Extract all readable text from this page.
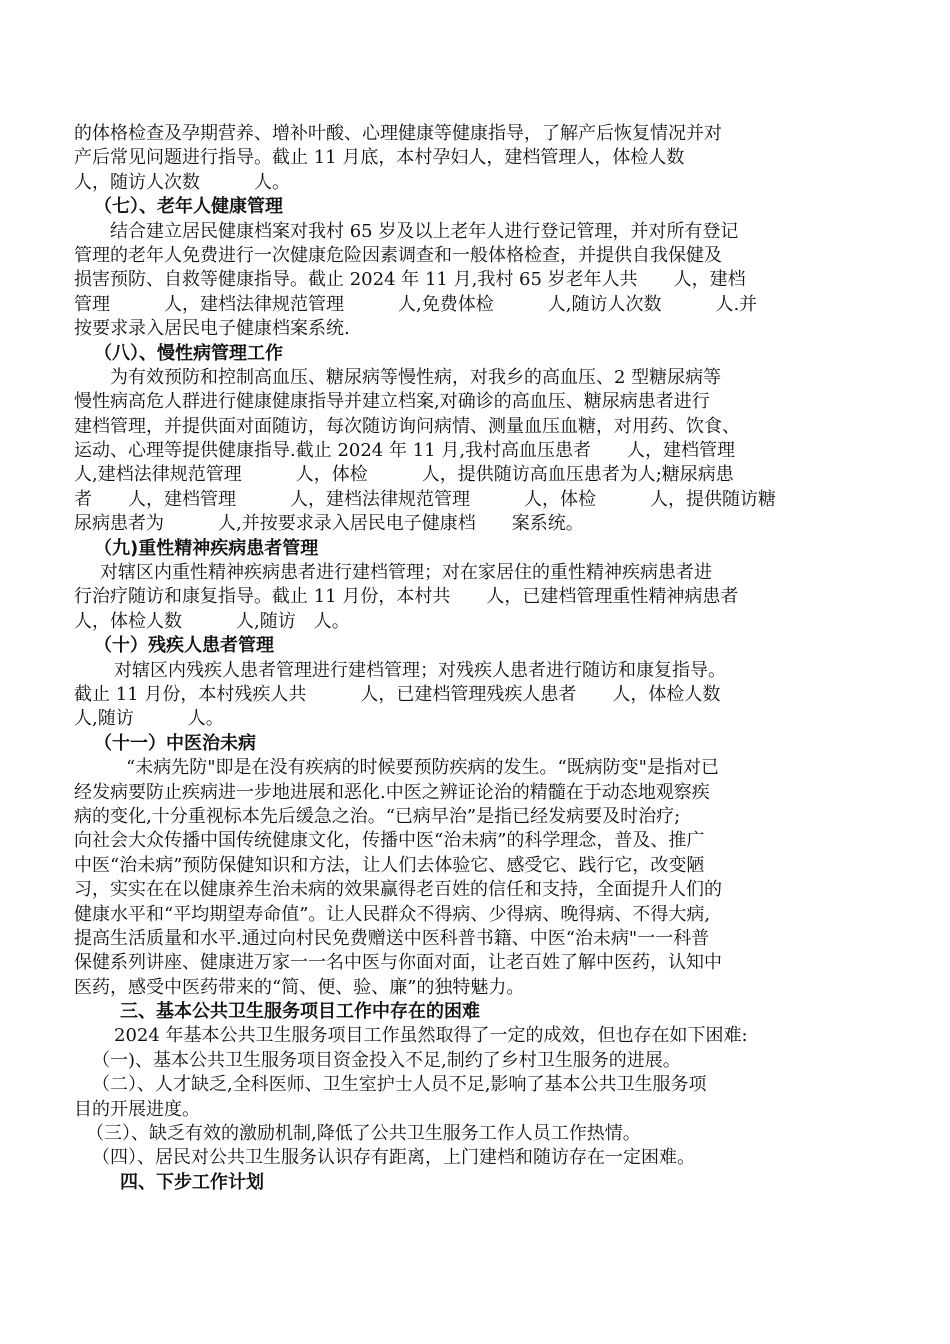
的体格检查及孕期营养、增补叶酸、心理健康等健康指导，了解产后恢复情况并对
产后常见问题进行指导。截止 11 月底，本村孕妇人，建档管理人，体检人数
人，随访人次数　　　人。
（七）、老年人健康管理
结合建立居民健康档案对我村 65 岁及以上老年人进行登记管理，并对所有登记
管理的老年人免费进行一次健康危险因素调查和一般体格检查，并提供自我保健及
损害预防、自救等健康指导。截止 2024 年 11 月,我村 65 岁老年人共　　人，建档
管理　　　人，建档法律规范管理　　　人,免费体检　　　人,随访人次数　　　人.并
按要求录入居民电子健康档案系统.
（八）、慢性病管理工作
为有效预防和控制高血压、糖尿病等慢性病，对我乡的高血压、2 型糖尿病等
慢性病高危人群进行健康健康指导并建立档案,对确诊的高血压、糖尿病患者进行
建档管理，并提供面对面随访，每次随访询问病情、测量血压血糖，对用药、饮食、
运动、心理等提供健康指导.截止 2024 年 11 月,我村高血压患者　　人，建档管理
人,建档法律规范管理　　　人，体检　　　人，提供随访高血压患者为人;糖尿病患
者　　人，建档管理　　　人，建档法律规范管理　　　人，体检　　　人，提供随访糖
尿病患者为　　　人,并按要求录入居民电子健康档　　案系统。
（九)重性精神疾病患者管理
对辖区内重性精神疾病患者进行建档管理；对在家居住的重性精神疾病患者进
行治疗随访和康复指导。截止 11 月份，本村共　　人，已建档管理重性精神病患者
人，体检人数　　　人,随访　人。
（十）残疾人患者管理
对辖区内残疾人患者管理进行建档管理；对残疾人患者进行随访和康复指导。
截止 11 月份，本村残疾人共　　　人，已建档管理残疾人患者　　人，体检人数
人,随访　　　人。
（十一）中医治未病
“未病先防"即是在没有疾病的时候要预防疾病的发生。“既病防变"是指对已
经发病要防止疾病进一步地进展和恶化.中医之辨证论治的精髓在于动态地观察疾
病的变化,十分重视标本先后缓急之治。“已病早治”是指已经发病要及时治疗;
向社会大众传播中国传统健康文化，传播中医“治未病”的科学理念，普及、推广
中医“治未病”预防保健知识和方法，让人们去体验它、感受它、践行它，改变陋
习，实实在在以健康养生治未病的效果赢得老百姓的信任和支持，全面提升人们的
健康水平和“平均期望寿命值”。让人民群众不得病、少得病、晚得病、不得大病,
提高生活质量和水平.通过向村民免费赠送中医科普书籍、中医“治未病"一一科普
保健系列讲座、健康进万家一一名中医与你面对面，让老百姓了解中医药，认知中
医药，感受中医药带来的“简、便、验、廉”的独特魅力。
三、基本公共卫生服务项目工作中存在的困难
2024 年基本公共卫生服务项目工作虽然取得了一定的成效，但也存在如下困难:
（一)、基本公共卫生服务项目资金投入不足,制约了乡村卫生服务的进展。
（二）、人才缺乏,全科医师、卫生室护士人员不足,影响了基本公共卫生服务项
目的开展进度。
（三）、缺乏有效的激励机制,降低了公共卫生服务工作人员工作热情。
（四）、居民对公共卫生服务认识存有距离，上门建档和随访存在一定困难。
四、下步工作计划
